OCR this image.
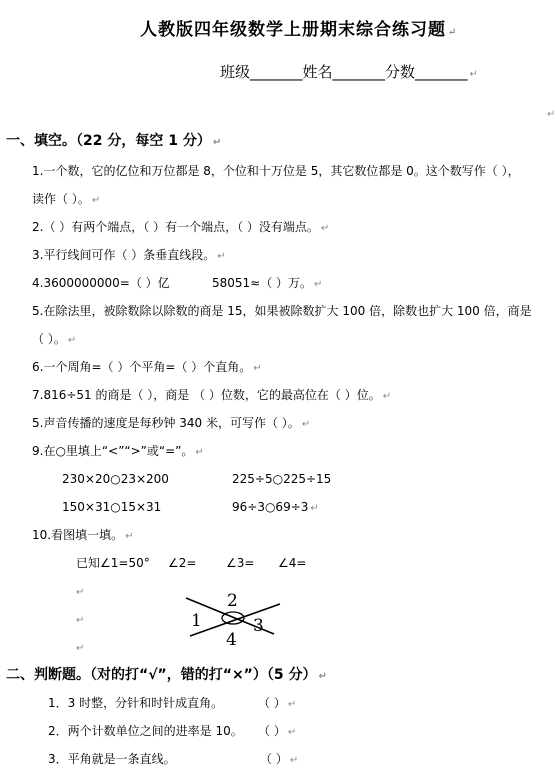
人教版四年级数学上册期末综合练习题 ↵
班级_______姓名_______分数_______ ↵
↵
一、填空。（22 分，每空 1 分） ↵
1.一个数，它的亿位和万位都是 8，个位和十万位是 5，其它数位都是 0。这个数写作（ ），
读作（ ）。 ↵
2.（ ）有两个端点，（ ）有一个端点，（ ）没有端点。 ↵
3.平行线间可作（ ）条垂直线段。 ↵
4.3600000000=（ ）亿	58051≈（ ）万。 ↵
5.在除法里，被除数除以除数的商是 15，如果被除数扩大 100 倍，除数也扩大 100 倍，商是
（ ）。 ↵
6.一个周角=（ ）个平角=（ ）个直角。 ↵
7.816÷51 的商是（ ），商是 （ ）位数，它的最高位在（ ）位。 ↵
5.声音传播的速度是每秒钟 340 米，可写作（ ）。 ↵
9.在○里填上“<”“>”或“=”。 ↵
230×20○23×200	225÷5○225÷15
150×31○15×31	96÷3○69÷3 ↵
10.看图填一填。 ↵
已知∠1=50° ∠2= ∠3= ∠4=
↵
↵
↵
1
2
3
4
二、判断题。（对的打“√”，错的打“×”）（5 分） ↵
1．3 时整，分针和时针成直角。	（ ） ↵
2．两个计数单位之间的进率是 10。 （ ） ↵
3．平角就是一条直线。	（ ） ↵
